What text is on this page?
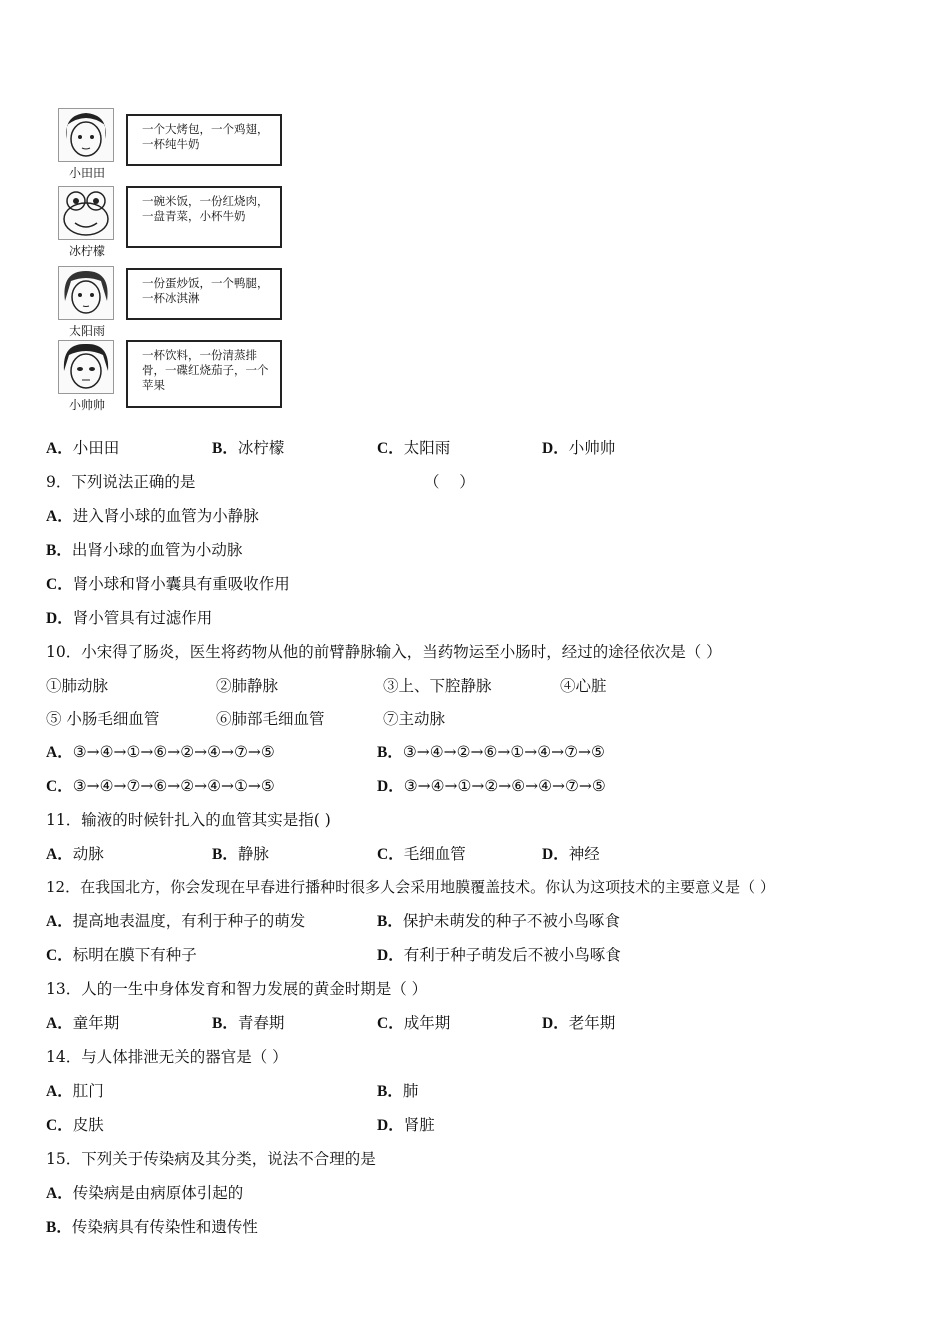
小田田
一个大烤包，一个鸡翅，一杯纯牛奶
冰柠檬
一碗米饭，一份红烧肉，一盘青菜，小杯牛奶
太阳雨
一份蛋炒饭，一个鸭腿，一杯冰淇淋
小帅帅
一杯饮料，一份清蒸排骨，一碟红烧茄子，一个苹果
A．小田田	B．冰柠檬	C．太阳雨	D．小帅帅
9．下列说法正确的是	（    ）
A．进入肾小球的血管为小静脉
B．出肾小球的血管为小动脉
C．肾小球和肾小囊具有重吸收作用
D．肾小管具有过滤作用
10．小宋得了肠炎，医生将药物从他的前臂静脉输入，当药物运至小肠时，经过的途径依次是（ ）
①肺动脉	②肺静脉	③上、下腔静脉	④心脏
⑤ 小肠毛细血管	⑥肺部毛细血管	⑦主动脉
A．③→④→①→⑥→②→④→⑦→⑤	B．③→④→②→⑥→①→④→⑦→⑤
C．③→④→⑦→⑥→②→④→①→⑤	D．③→④→①→②→⑥→④→⑦→⑤
11．输液的时候针扎入的血管其实是指( )
A．动脉	B．静脉	C．毛细血管	D．神经
12．在我国北方，你会发现在早春进行播种时很多人会采用地膜覆盖技术。你认为这项技术的主要意义是（ ）
A．提高地表温度，有利于种子的萌发	B．保护未萌发的种子不被小鸟啄食
C．标明在膜下有种子	D．有利于种子萌发后不被小鸟啄食
13．人的一生中身体发育和智力发展的黄金时期是（ ）
A．童年期	B．青春期	C．成年期	D．老年期
14．与人体排泄无关的器官是（ ）
A．肛门	B．肺
C．皮肤	D．肾脏
15．下列关于传染病及其分类，说法不合理的是
A．传染病是由病原体引起的
B．传染病具有传染性和遗传性
